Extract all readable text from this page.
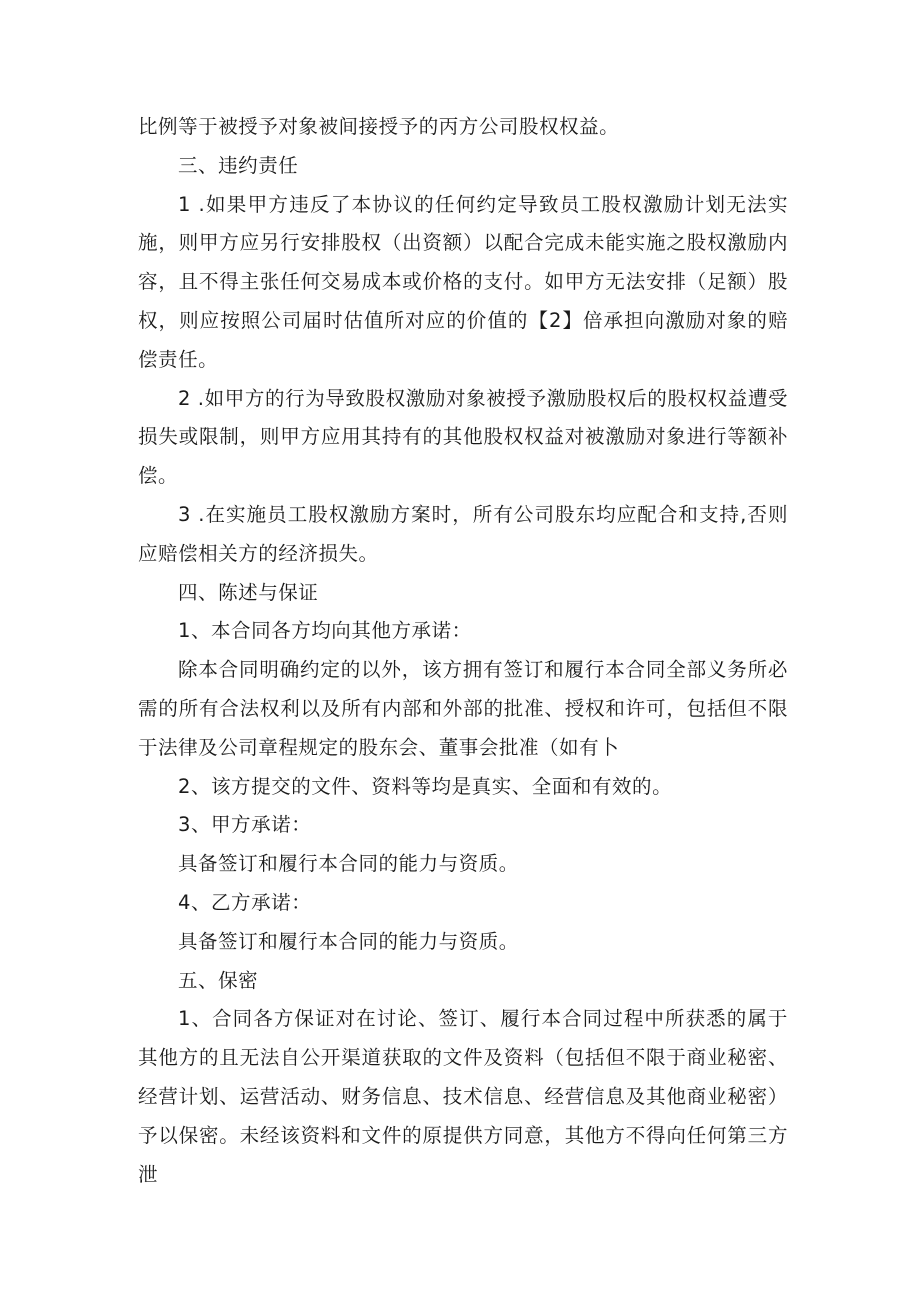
比例等于被授予对象被间接授予的丙方公司股权权益。

三、违约责任

1 .如果甲方违反了本协议的任何约定导致员工股权激励计划无法实施，则甲方应另行安排股权（出资额）以配合完成未能实施之股权激励内容，且不得主张任何交易成本或价格的支付。如甲方无法安排（足额）股权，则应按照公司届时估值所对应的价值的【2】倍承担向激励对象的赔偿责任。

2 .如甲方的行为导致股权激励对象被授予激励股权后的股权权益遭受损失或限制，则甲方应用其持有的其他股权权益对被激励对象进行等额补偿。

3 .在实施员工股权激励方案时，所有公司股东均应配合和支持,否则应赔偿相关方的经济损失。

四、陈述与保证

1、本合同各方均向其他方承诺：

除本合同明确约定的以外，该方拥有签订和履行本合同全部义务所必需的所有合法权利以及所有内部和外部的批准、授权和许可，包括但不限于法律及公司章程规定的股东会、董事会批准（如有卜

2、该方提交的文件、资料等均是真实、全面和有效的。

3、甲方承诺：

具备签订和履行本合同的能力与资质。

4、乙方承诺：

具备签订和履行本合同的能力与资质。

五、保密

1、合同各方保证对在讨论、签订、履行本合同过程中所获悉的属于其他方的且无法自公开渠道获取的文件及资料（包括但不限于商业秘密、经营计划、运营活动、财务信息、技术信息、经营信息及其他商业秘密）予以保密。未经该资料和文件的原提供方同意，其他方不得向任何第三方泄
